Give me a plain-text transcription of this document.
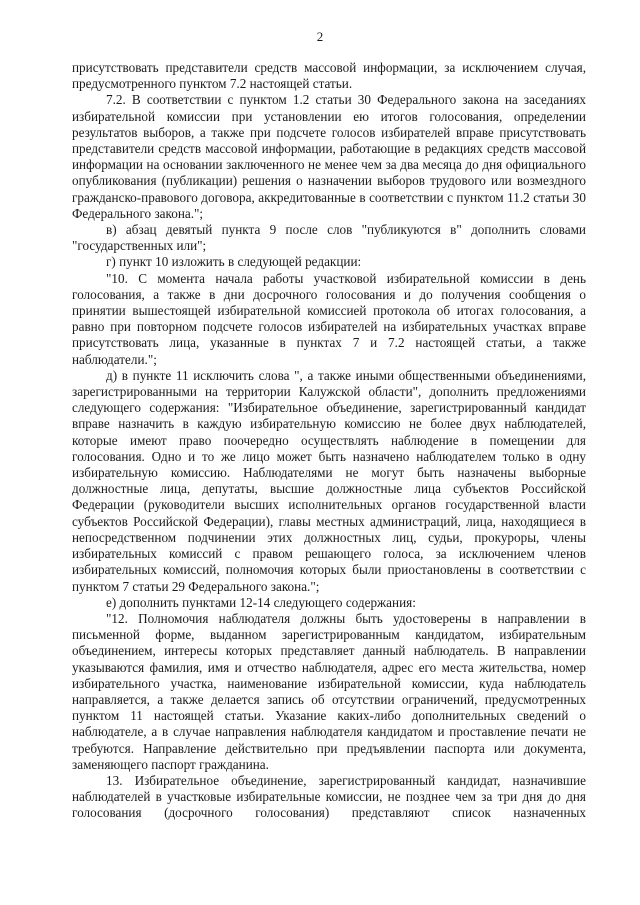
2

присутствовать представители средств массовой информации, за исключением случая, предусмотренного пунктом 7.2 настоящей статьи.

7.2. В соответствии с пунктом 1.2 статьи 30 Федерального закона на заседаниях избирательной комиссии при установлении ею итогов голосования, определении результатов выборов, а также при подсчете голосов избирателей вправе присутствовать представители средств массовой информации, работающие в редакциях средств массовой информации на основании заключенного не менее чем за два месяца до дня официального опубликования (публикации) решения о назначении выборов трудового или возмездного гражданско-правового договора, аккредитованные в соответствии с пунктом 11.2 статьи 30 Федерального закона.";

в) абзац девятый пункта 9 после слов "публикуются в" дополнить словами "государственных или";

г) пункт 10 изложить в следующей редакции:

"10. С момента начала работы участковой избирательной комиссии в день голосования, а также в дни досрочного голосования и до получения сообщения о принятии вышестоящей избирательной комиссией протокола об итогах голосования, а равно при повторном подсчете голосов избирателей на избирательных участках вправе присутствовать лица, указанные в пунктах 7 и 7.2 настоящей статьи, а также наблюдатели.";

д) в пункте 11 исключить слова ", а также иными общественными объединениями, зарегистрированными на территории Калужской области", дополнить предложениями следующего содержания: "Избирательное объединение, зарегистрированный кандидат вправе назначить в каждую избирательную комиссию не более двух наблюдателей, которые имеют право поочередно осуществлять наблюдение в помещении для голосования. Одно и то же лицо может быть назначено наблюдателем только в одну избирательную комиссию. Наблюдателями не могут быть назначены выборные должностные лица, депутаты, высшие должностные лица субъектов Российской Федерации (руководители высших исполнительных органов государственной власти субъектов Российской Федерации), главы местных администраций, лица, находящиеся в непосредственном подчинении этих должностных лиц, судьи, прокуроры, члены избирательных комиссий с правом решающего голоса, за исключением членов избирательных комиссий, полномочия которых были приостановлены в соответствии с пунктом 7 статьи 29 Федерального закона.";

е) дополнить пунктами 12-14 следующего содержания:

"12. Полномочия наблюдателя должны быть удостоверены в направлении в письменной форме, выданном зарегистрированным кандидатом, избирательным объединением, интересы которых представляет данный наблюдатель. В направлении указываются фамилия, имя и отчество наблюдателя, адрес его места жительства, номер избирательного участка, наименование избирательной комиссии, куда наблюдатель направляется, а также делается запись об отсутствии ограничений, предусмотренных пунктом 11 настоящей статьи. Указание каких-либо дополнительных сведений о наблюдателе, а в случае направления наблюдателя кандидатом и проставление печати не требуются. Направление действительно при предъявлении паспорта или документа, заменяющего паспорт гражданина.

13. Избирательное объединение, зарегистрированный кандидат, назначившие наблюдателей в участковые избирательные комиссии, не позднее чем за три дня до дня голосования (досрочного голосования) представляют список назначенных
